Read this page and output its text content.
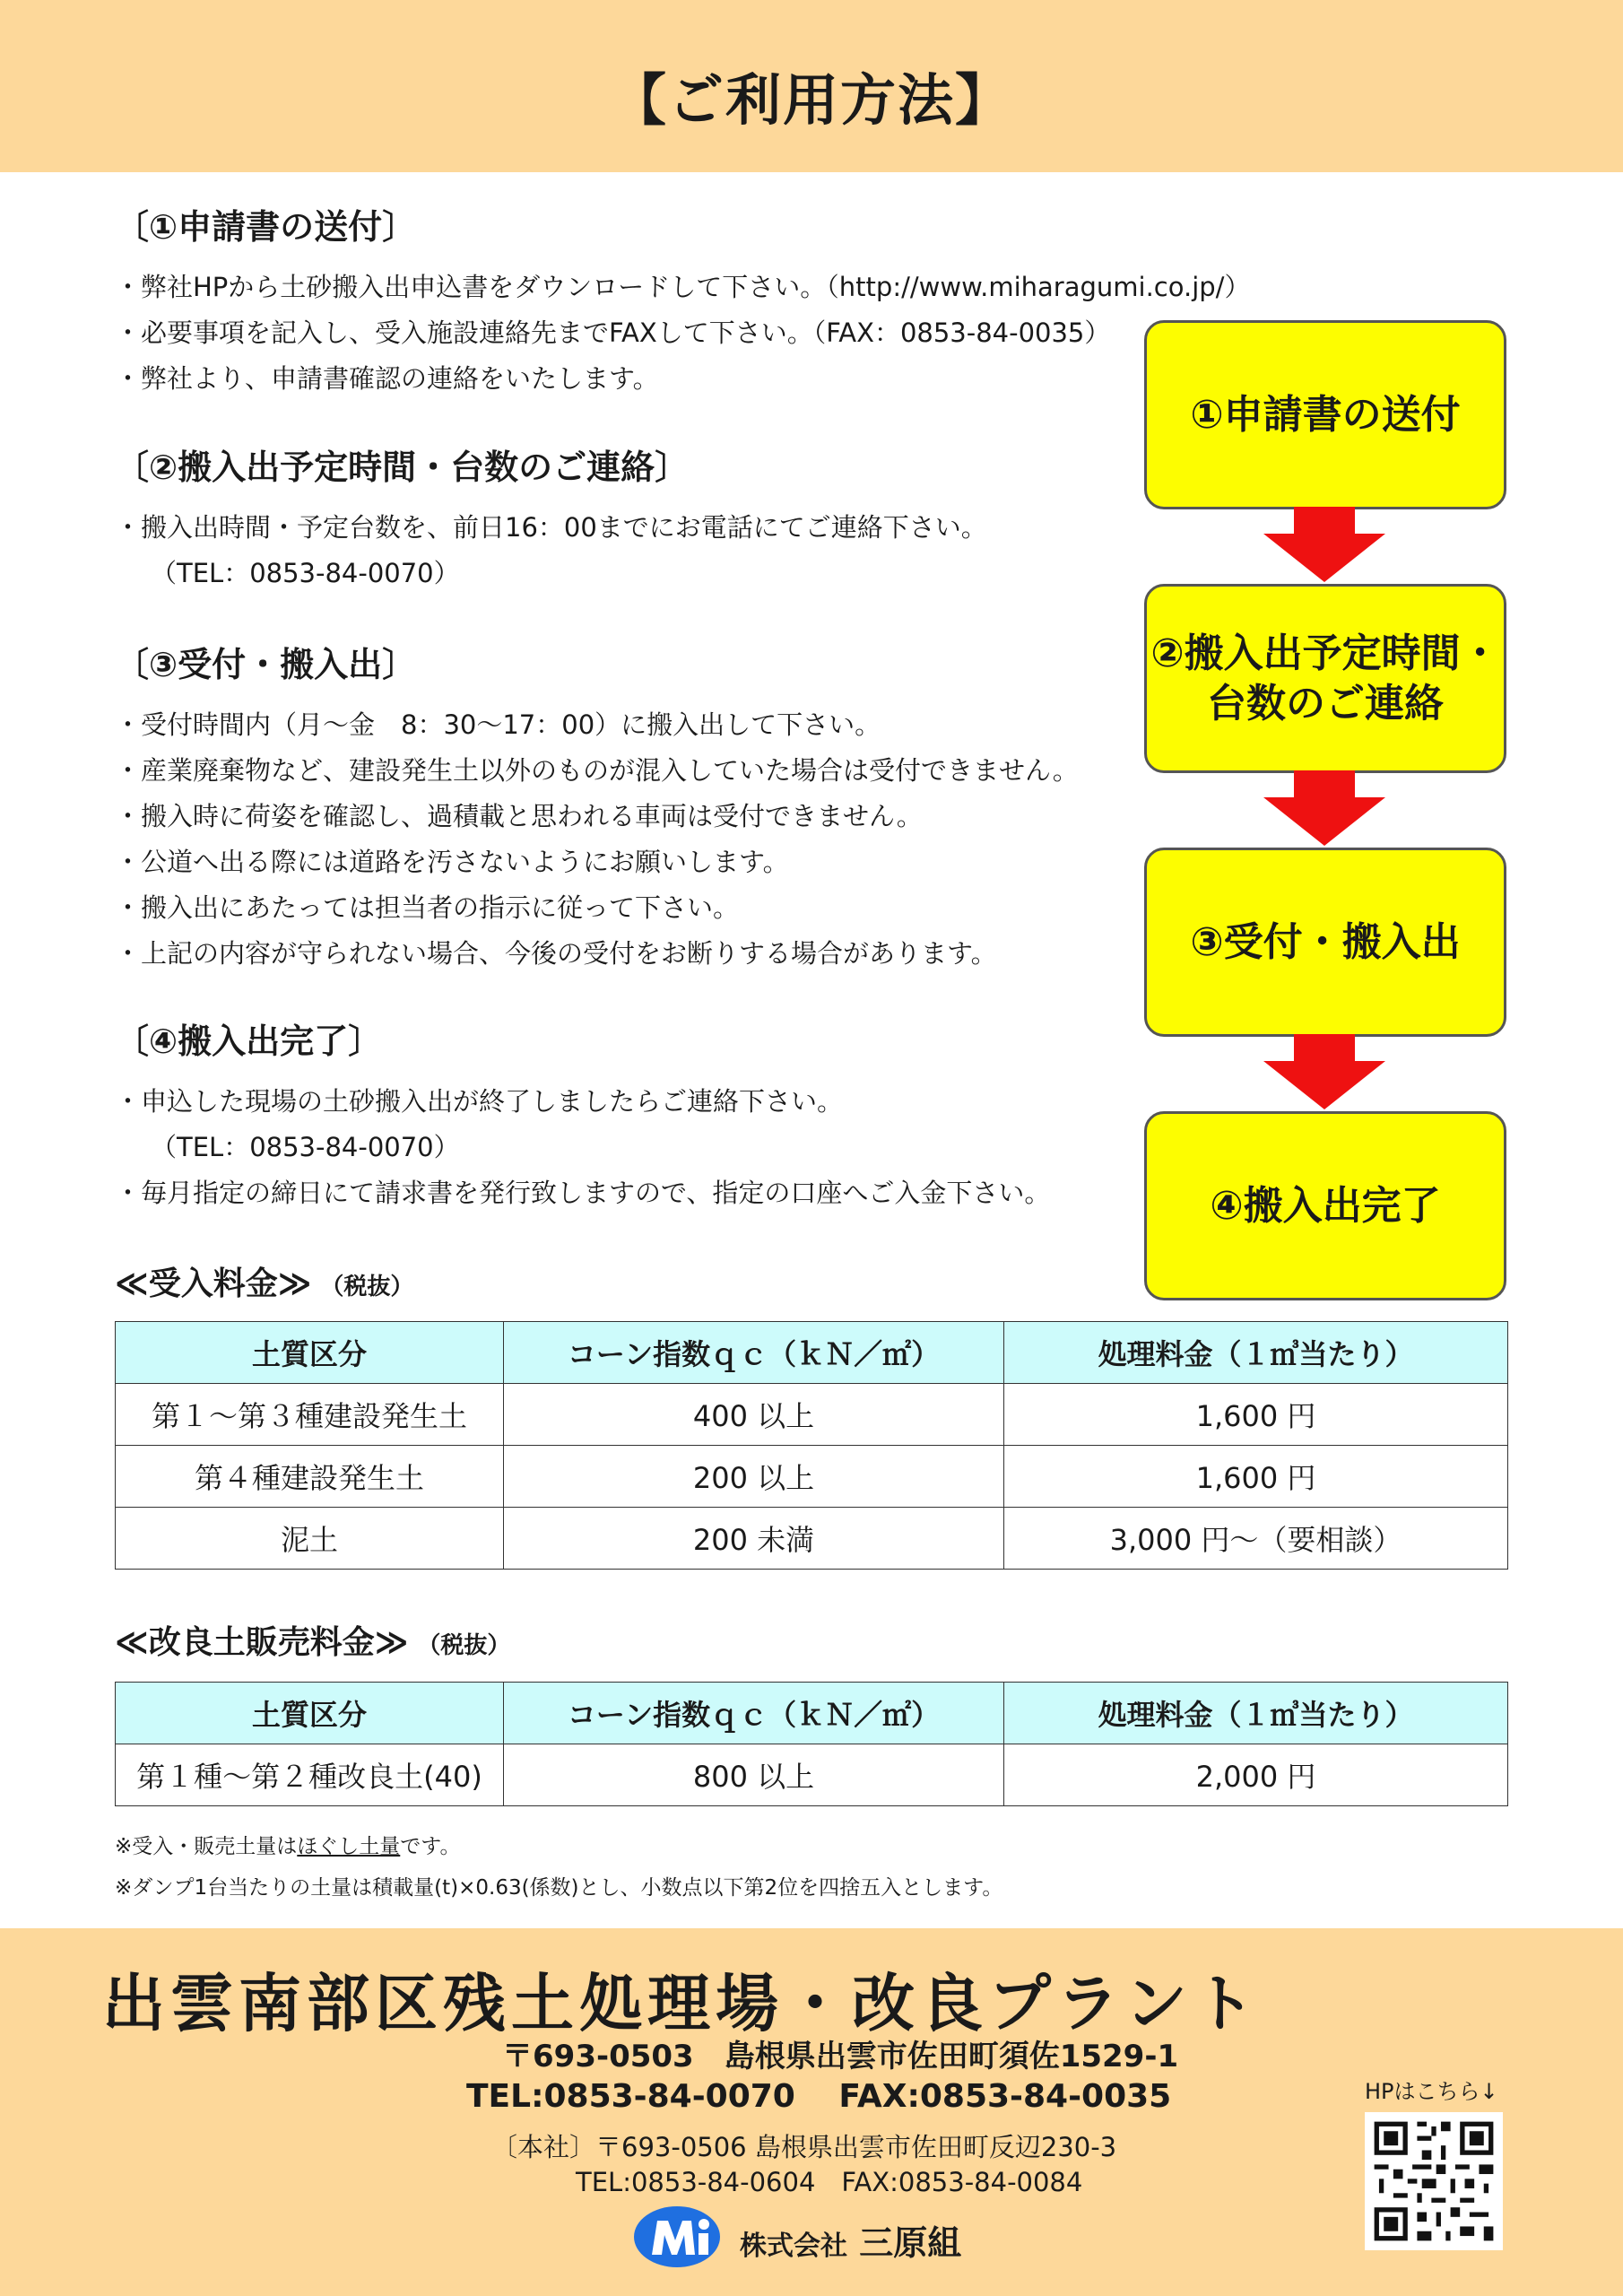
【ご利用方法】
〔①申請書の送付〕
・弊社HPから土砂搬入出申込書をダウンロードして下さい。（http://www.miharagumi.co.jp/）
・必要事項を記入し、受入施設連絡先までFAXして下さい。（FAX：0853-84-0035）
・弊社より、申請書確認の連絡をいたします。
〔②搬入出予定時間・台数のご連絡〕
・搬入出時間・予定台数を、前日16：00までにお電話にてご連絡下さい。
（TEL：0853-84-0070）
〔③受付・搬入出〕
・受付時間内（月～金　8：30～17：00）に搬入出して下さい。
・産業廃棄物など、建設発生土以外のものが混入していた場合は受付できません。
・搬入時に荷姿を確認し、過積載と思われる車両は受付できません。
・公道へ出る際には道路を汚さないようにお願いします。
・搬入出にあたっては担当者の指示に従って下さい。
・上記の内容が守られない場合、今後の受付をお断りする場合があります。
〔④搬入出完了〕
・申込した現場の土砂搬入出が終了しましたらご連絡下さい。
（TEL：0853-84-0070）
・毎月指定の締日にて請求書を発行致しますので、指定の口座へご入金下さい。
①申請書の送付
②搬入出予定時間・
台数のご連絡
③受付・搬入出
④搬入出完了
≪受入料金≫ （税抜）
土質区分	コーン指数ｑｃ（ｋＮ／㎡）	処理料金（１㎥当たり）
第１～第３種建設発生土	400 以上	1,600 円
第４種建設発生土	200 以上	1,600 円
泥土	200 未満	3,000 円～（要相談）
≪改良土販売料金≫ （税抜）
土質区分	コーン指数ｑｃ（ｋＮ／㎡）	処理料金（１㎥当たり）
第１種～第２種改良土(40)	800 以上	2,000 円
※受入・販売土量はほぐし土量です。
※ダンプ1台当たりの土量は積載量(t)×0.63(係数)とし、小数点以下第2位を四捨五入とします。
出雲南部区残土処理場・改良プラント
〒693-0503　島根県出雲市佐田町須佐1529-1
TEL:0853-84-0070　 FAX:0853-84-0035
〔本社〕〒693-0506 島根県出雲市佐田町反辺230-3
TEL:0853-84-0604　FAX:0853-84-0084
HPはこちら↓
株式会社 三原組
